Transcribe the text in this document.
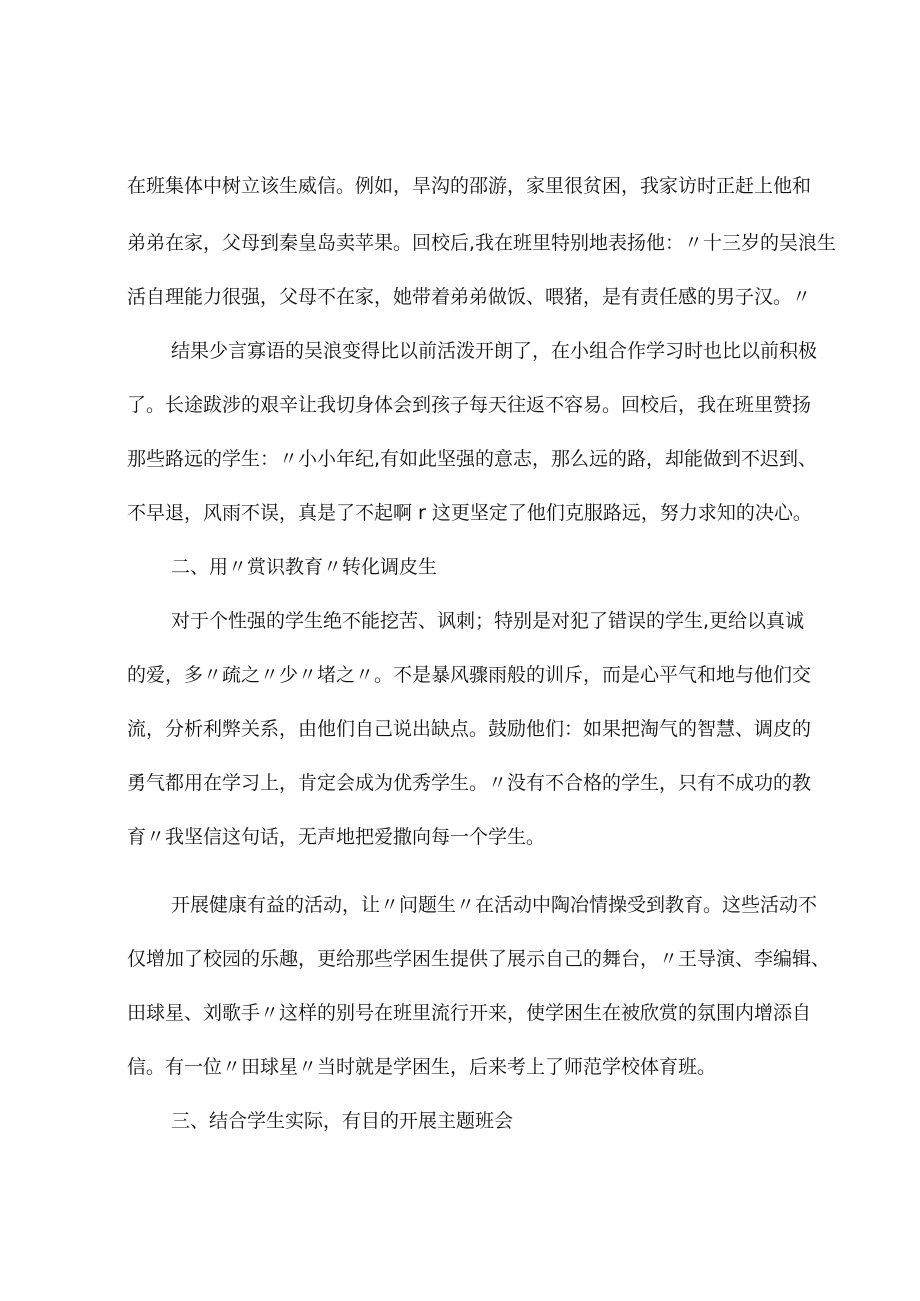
在班集体中树立该生威信。例如，旱沟的邵游，家里很贫困，我家访时正赶上他和
弟弟在家，父母到秦皇岛卖苹果。回校后,我在班里特别地表扬他：〃十三岁的吴浪生
活自理能力很强，父母不在家，她带着弟弟做饭、喂猪，是有责任感的男子汉。〃
结果少言寡语的吴浪变得比以前活泼开朗了，在小组合作学习时也比以前积极
了。长途跋涉的艰辛让我切身体会到孩子每天往返不容易。回校后，我在班里赞扬
那些路远的学生：〃小小年纪,有如此坚强的意志，那么远的路，却能做到不迟到、
不早退，风雨不误，真是了不起啊 r 这更坚定了他们克服路远，努力求知的决心。
二、用〃赏识教育〃转化调皮生
对于个性强的学生绝不能挖苦、讽刺；特别是对犯了错误的学生,更给以真诚
的爱，多〃疏之〃少〃堵之〃。不是暴风骤雨般的训斥，而是心平气和地与他们交
流，分析利弊关系，由他们自己说出缺点。鼓励他们：如果把淘气的智慧、调皮的
勇气都用在学习上，肯定会成为优秀学生。〃没有不合格的学生，只有不成功的教
育〃我坚信这句话，无声地把爱撒向每一个学生。
开展健康有益的活动，让〃问题生〃在活动中陶冶情操受到教育。这些活动不
仅增加了校园的乐趣，更给那些学困生提供了展示自己的舞台，〃王导演、李编辑、
田球星、刘歌手〃这样的别号在班里流行开来，使学困生在被欣赏的氛围内增添自
信。有一位〃田球星〃当时就是学困生，后来考上了师范学校体育班。
三、结合学生实际，有目的开展主题班会
